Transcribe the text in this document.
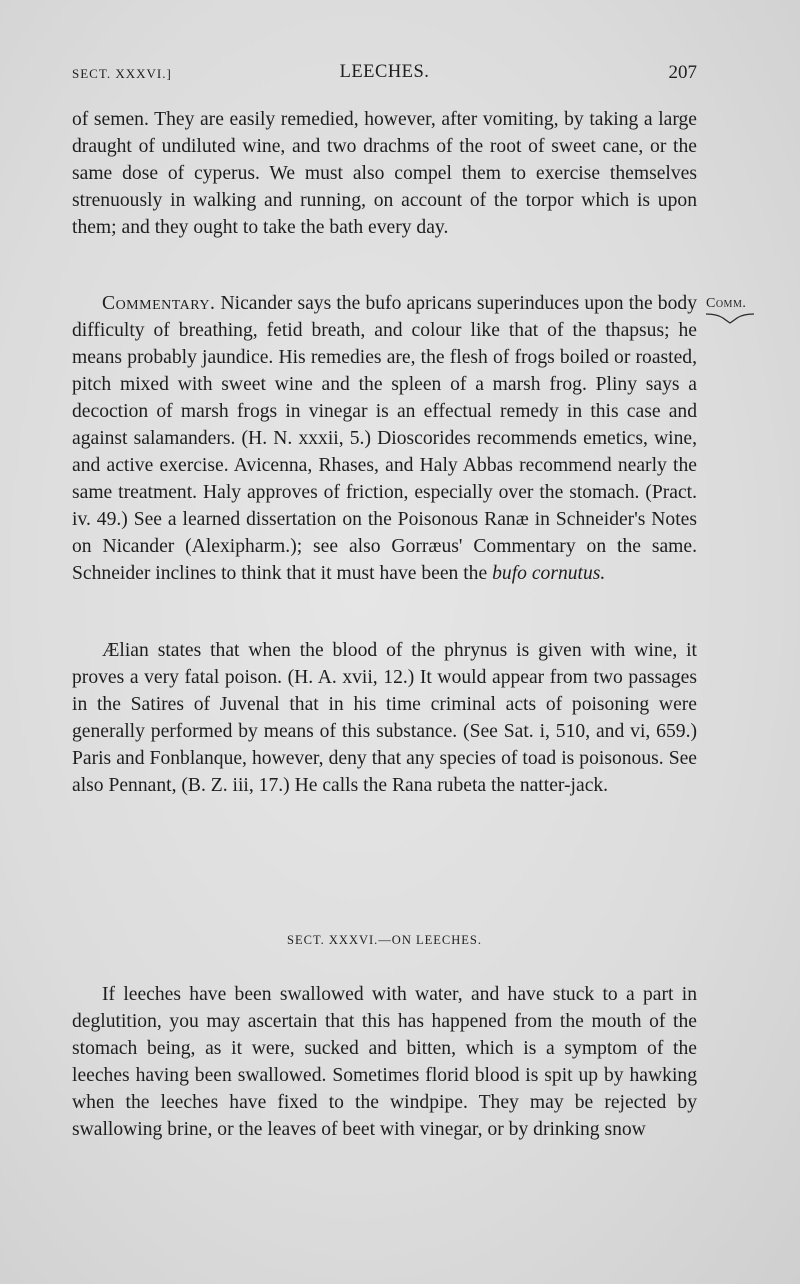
SECT. XXXVI.]	LEECHES.	207

of semen. They are easily remedied, however, after vomiting, by taking a large draught of undiluted wine, and two drachms of the root of sweet cane, or the same dose of cyperus. We must also compel them to exercise themselves strenuously in walking and running, on account of the torpor which is upon them; and they ought to take the bath every day.

Commentary. Nicander says the bufo apricans superinduces upon the body difficulty of breathing, fetid breath, and colour like that of the thapsus; he means probably jaundice. His remedies are, the flesh of frogs boiled or roasted, pitch mixed with sweet wine and the spleen of a marsh frog. Pliny says a decoction of marsh frogs in vinegar is an effectual remedy in this case and against salamanders. (H. N. xxxii, 5.) Dioscorides recommends emetics, wine, and active exercise. Avicenna, Rhases, and Haly Abbas recommend nearly the same treatment. Haly approves of friction, especially over the stomach. (Pract. iv. 49.) See a learned dissertation on the Poisonous Ranæ in Schneider's Notes on Nicander (Alexipharm.); see also Gorræus' Commentary on the same. Schneider inclines to think that it must have been the bufo cornutus.

Comm.

Ælian states that when the blood of the phrynus is given with wine, it proves a very fatal poison. (H. A. xvii, 12.) It would appear from two passages in the Satires of Juvenal that in his time criminal acts of poisoning were generally performed by means of this substance. (See Sat. i, 510, and vi, 659.) Paris and Fonblanque, however, deny that any species of toad is poisonous. See also Pennant, (B. Z. iii, 17.) He calls the Rana rubeta the natter-jack.

SECT. XXXVI.—ON LEECHES.

If leeches have been swallowed with water, and have stuck to a part in deglutition, you may ascertain that this has happened from the mouth of the stomach being, as it were, sucked and bitten, which is a symptom of the leeches having been swallowed. Sometimes florid blood is spit up by hawking when the leeches have fixed to the windpipe. They may be rejected by swallowing brine, or the leaves of beet with vinegar, or by drinking snow
